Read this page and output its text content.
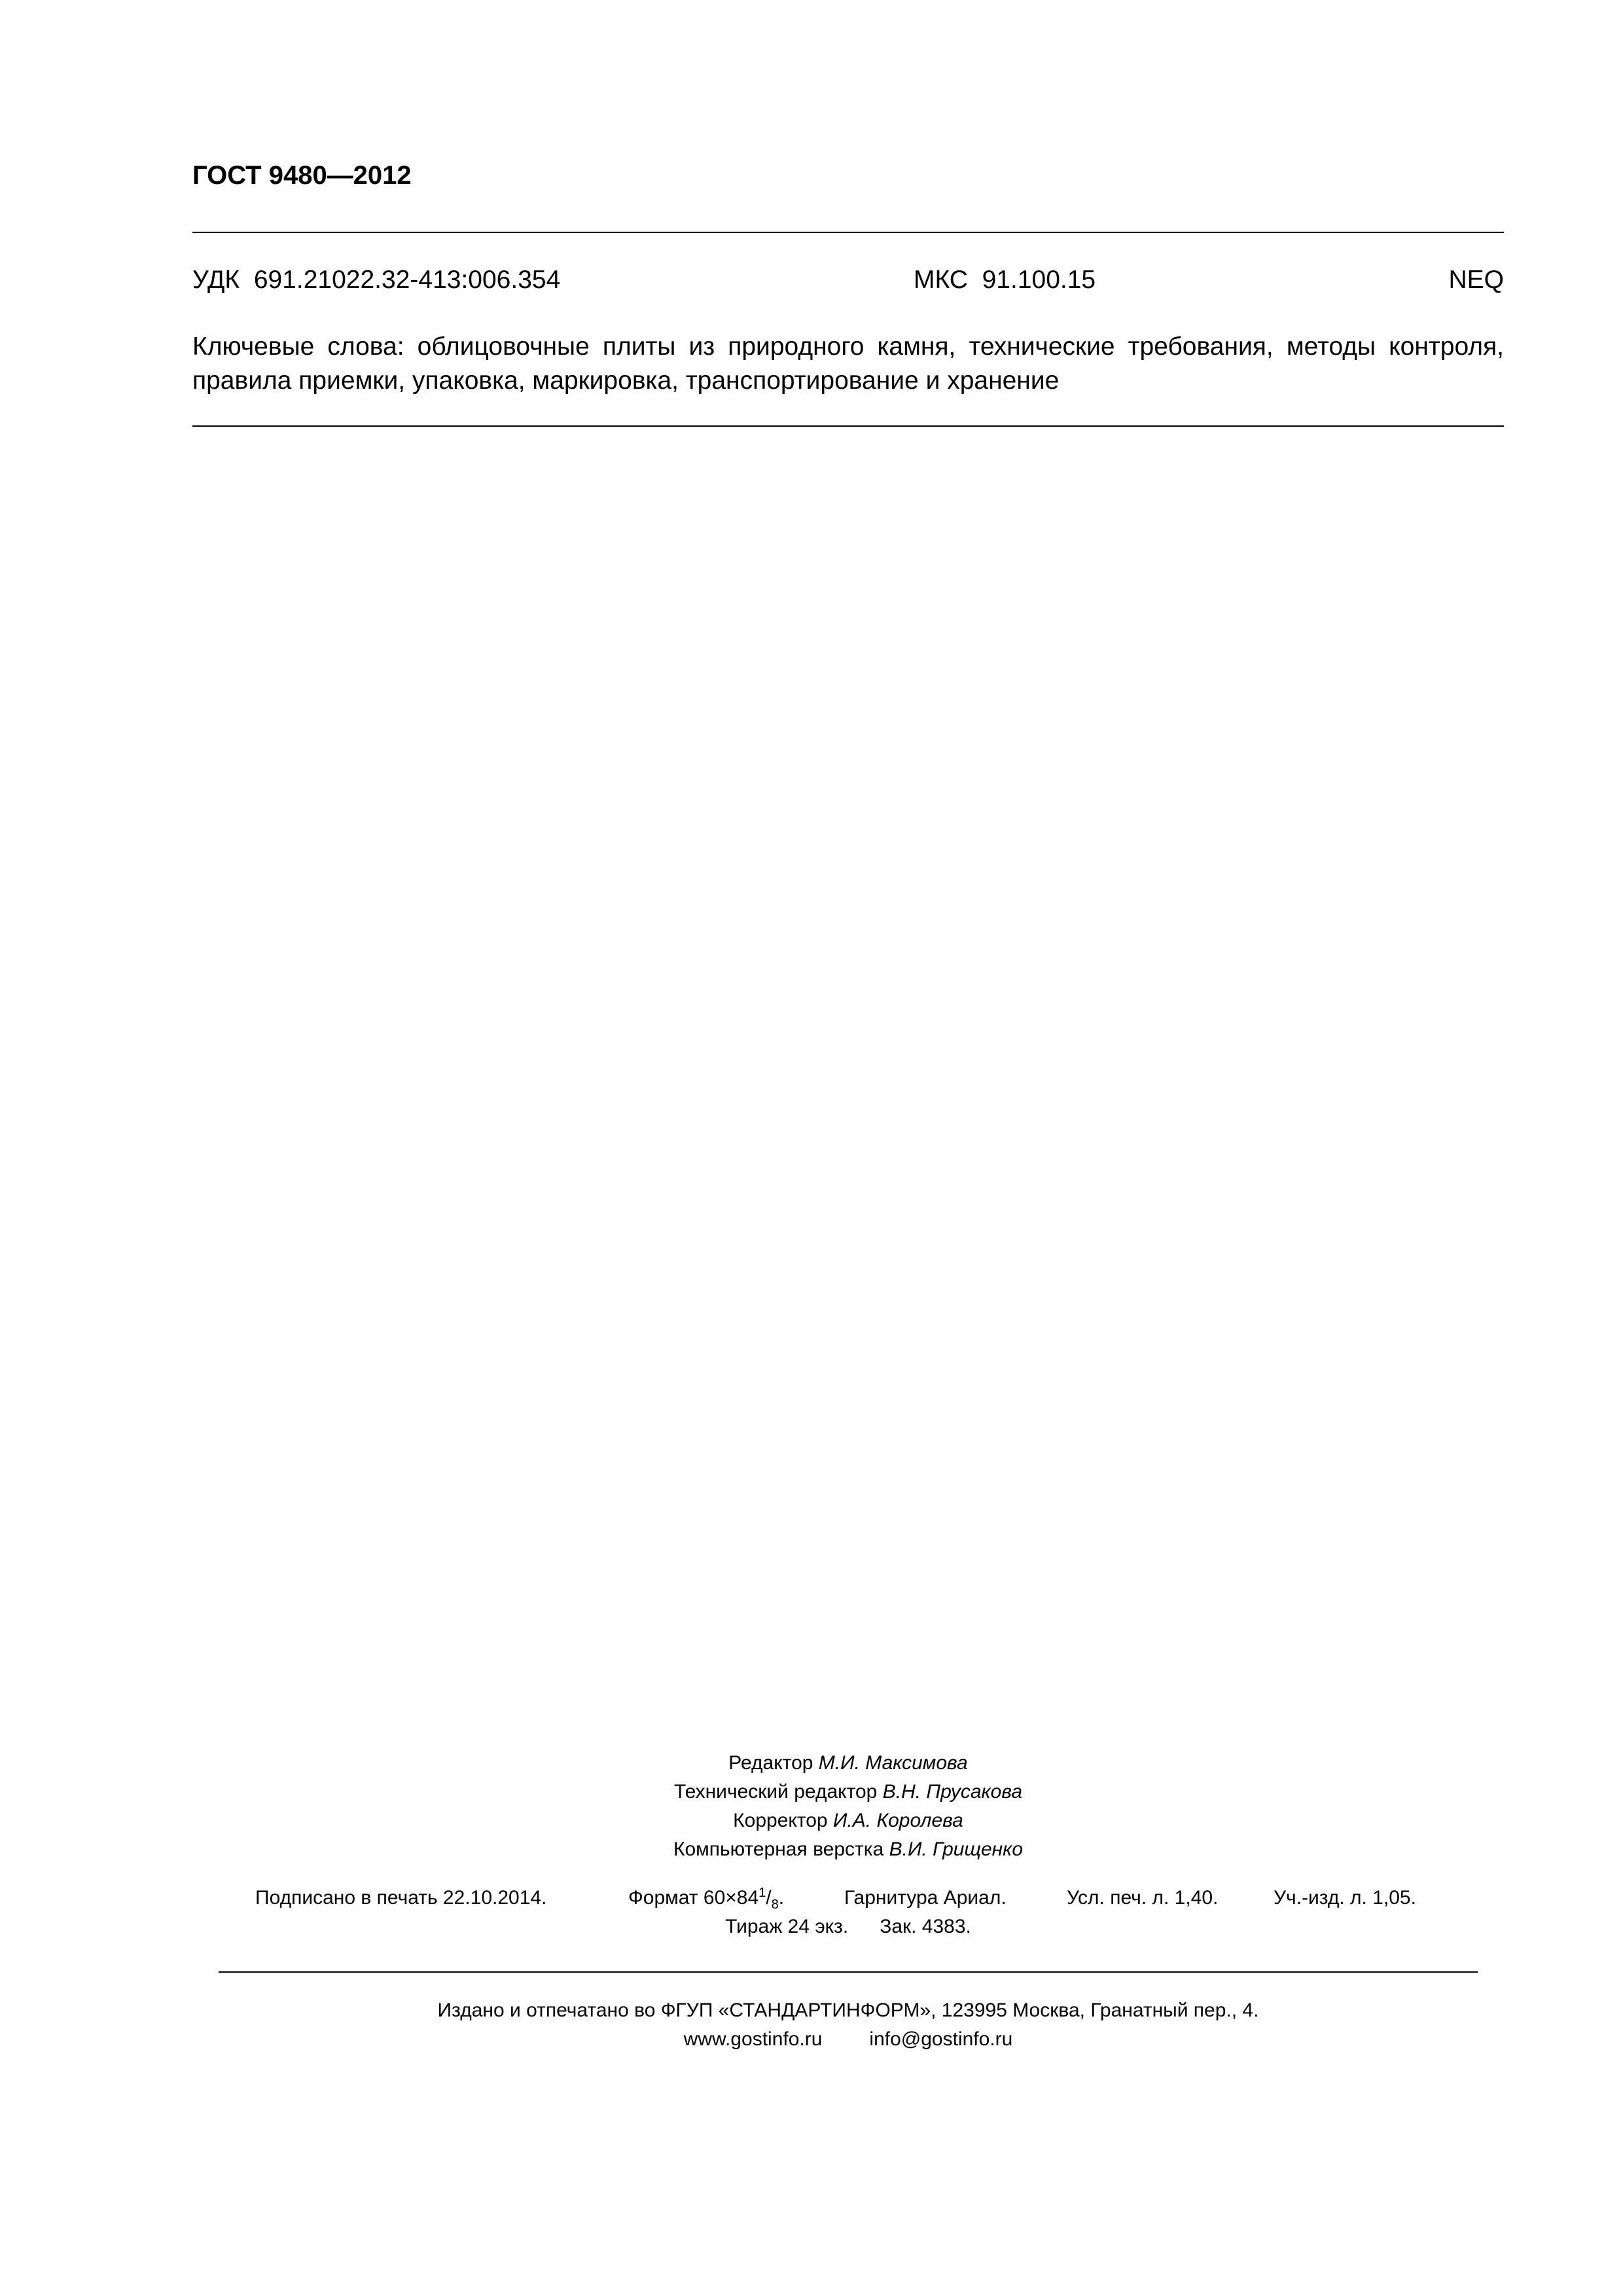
ГОСТ 9480—2012
УДК  691.21022.32-413:006.354	МКС  91.100.15	NEQ
Ключевые слова: облицовочные плиты из природного камня, технические требования, методы контроля,
правила приемки, упаковка, маркировка, транспортирование и хранение
Редактор М.И. Максимова
Технический редактор В.Н. Прусакова
Корректор И.А. Королева
Компьютерная верстка В.И. Грищенко
Подписано в печать 22.10.2014.	Формат $60\times 84^1/_8$.	Гарнитура Ариал.	Усл. печ. л. 1,40.	Уч.-изд. л. 1,05.
Тираж 24 экз. Зак. 4383.
Издано и отпечатано во ФГУП «СТАНДАРТИНФОРМ», 123995 Москва, Гранатный пер., 4.
www.gostinfo.ru info@gostinfo.ru
